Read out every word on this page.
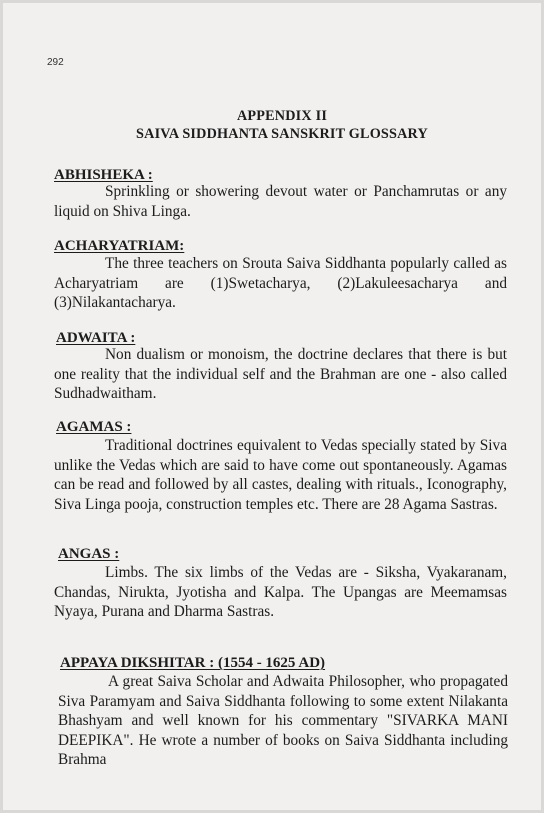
292
APPENDIX II
SAIVA SIDDHANTA SANSKRIT GLOSSARY
ABHISHEKA :
Sprinkling or showering devout water or Panchamrutas or any liquid on Shiva Linga.
ACHARYATRIAM:
The three teachers on Srouta Saiva Siddhanta popularly called as Acharyatriam are (1)Swetacharya, (2)Lakuleesacharya and (3)Nilakantacharya.
ADWAITA :
Non dualism or monoism, the doctrine declares that there is but one reality that the individual self and the Brahman are one - also called Sudhadwaitham.
AGAMAS :
Traditional doctrines equivalent to Vedas specially stated by Siva unlike the Vedas which are said to have come out spontaneously. Agamas can be read and followed by all castes, dealing with rituals., Iconography, Siva Linga pooja, construction temples etc. There are 28 Agama Sastras.
ANGAS :
Limbs. The six limbs of the Vedas are - Siksha, Vyakaranam, Chandas, Nirukta, Jyotisha and Kalpa. The Upangas are Meemamsas Nyaya, Purana and Dharma Sastras.
APPAYA DIKSHITAR : (1554 - 1625 AD)
A great Saiva Scholar and Adwaita Philosopher, who propagated Siva Paramyam and Saiva Siddhanta following to some extent Nilakanta Bhashyam and well known for his commentary "SIVARKA MANI DEEPIKA". He wrote a number of books on Saiva Siddhanta including Brahma
